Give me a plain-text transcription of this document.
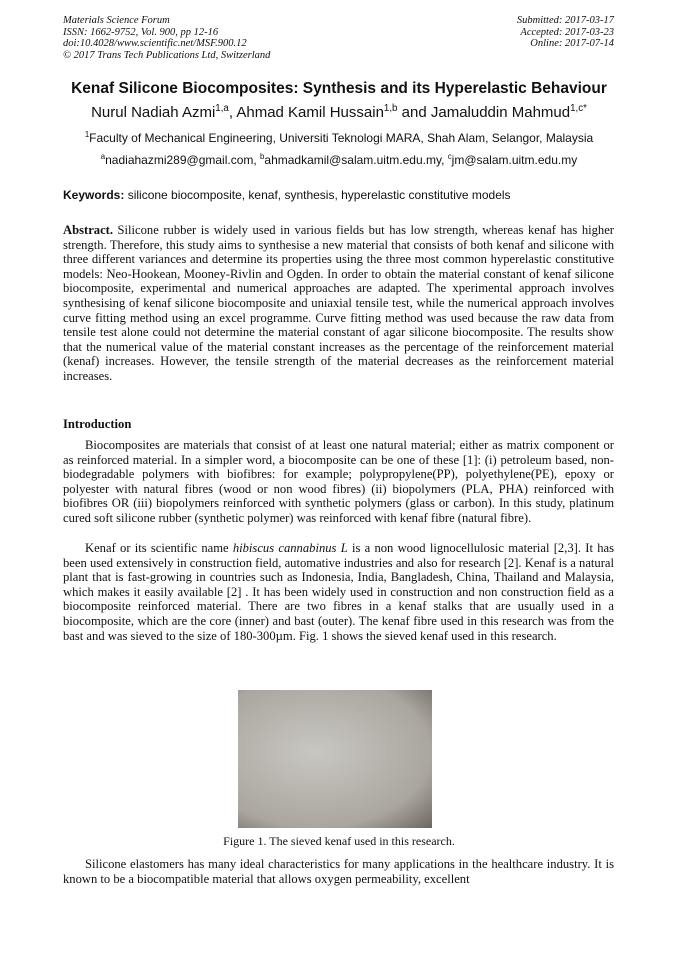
Materials Science Forum
ISSN: 1662-9752, Vol. 900, pp 12-16
doi:10.4028/www.scientific.net/MSF.900.12
© 2017 Trans Tech Publications Ltd, Switzerland
Submitted: 2017-03-17
Accepted: 2017-03-23
Online: 2017-07-14
Kenaf Silicone Biocomposites: Synthesis and its Hyperelastic Behaviour
Nurul Nadiah Azmi$^{1,a}$, Ahmad Kamil Hussain$^{1,b}$ and Jamaluddin Mahmud$^{1,c*}$
$^1$Faculty of Mechanical Engineering, Universiti Teknologi MARA, Shah Alam, Selangor, Malaysia
$^a$nadiahazmi289@gmail.com, $^b$ahmadkamil@salam.uitm.edu.my, $^c$jm@salam.uitm.edu.my
Keywords: silicone biocomposite, kenaf, synthesis, hyperelastic constitutive models
Abstract. Silicone rubber is widely used in various fields but has low strength, whereas kenaf has higher strength. Therefore, this study aims to synthesise a new material that consists of both kenaf and silicone with three different variances and determine its properties using the three most common hyperelastic constitutive models: Neo-Hookean, Mooney-Rivlin and Ogden. In order to obtain the material constant of kenaf silicone biocomposite, experimental and numerical approaches are adapted. The xperimental approach involves synthesising of kenaf silicone biocomposite and uniaxial tensile test, while the numerical approach involves curve fitting method using an excel programme. Curve fitting method was used because the raw data from tensile test alone could not determine the material constant of agar silicone biocomposite. The results show that the numerical value of the material constant increases as the percentage of the reinforcement material (kenaf) increases. However, the tensile strength of the material decreases as the reinforcement material increases.
Introduction
Biocomposites are materials that consist of at least one natural material; either as matrix component or as reinforced material. In a simpler word, a biocomposite can be one of these [1]: (i) petroleum based, non-biodegradable polymers with biofibres: for example; polypropylene(PP), polyethylene(PE), epoxy or polyester with natural fibres (wood or non wood fibres) (ii) biopolymers (PLA, PHA) reinforced with biofibres OR (iii) biopolymers reinforced with synthetic polymers (glass or carbon). In this study, platinum cured soft silicone rubber (synthetic polymer) was reinforced with kenaf fibre (natural fibre).
Kenaf or its scientific name hibiscus cannabinus L is a non wood lignocellulosic material [2,3]. It has been used extensively in construction field, automative industries and also for research [2]. Kenaf is a natural plant that is fast-growing in countries such as Indonesia, India, Bangladesh, China, Thailand and Malaysia, which makes it easily available [2] . It has been widely used in construction and non construction field as a biocomposite reinforced material. There are two fibres in a kenaf stalks that are usually used in a biocomposite, which are the core (inner) and bast (outer). The kenaf fibre used in this research was from the bast and was sieved to the size of 180-300µm. Fig. 1 shows the sieved kenaf used in this research.
Figure 1. The sieved kenaf used in this research.
Silicone elastomers has many ideal characteristics for many applications in the healthcare industry. It is known to be a biocompatible material that allows oxygen permeability, excellent
